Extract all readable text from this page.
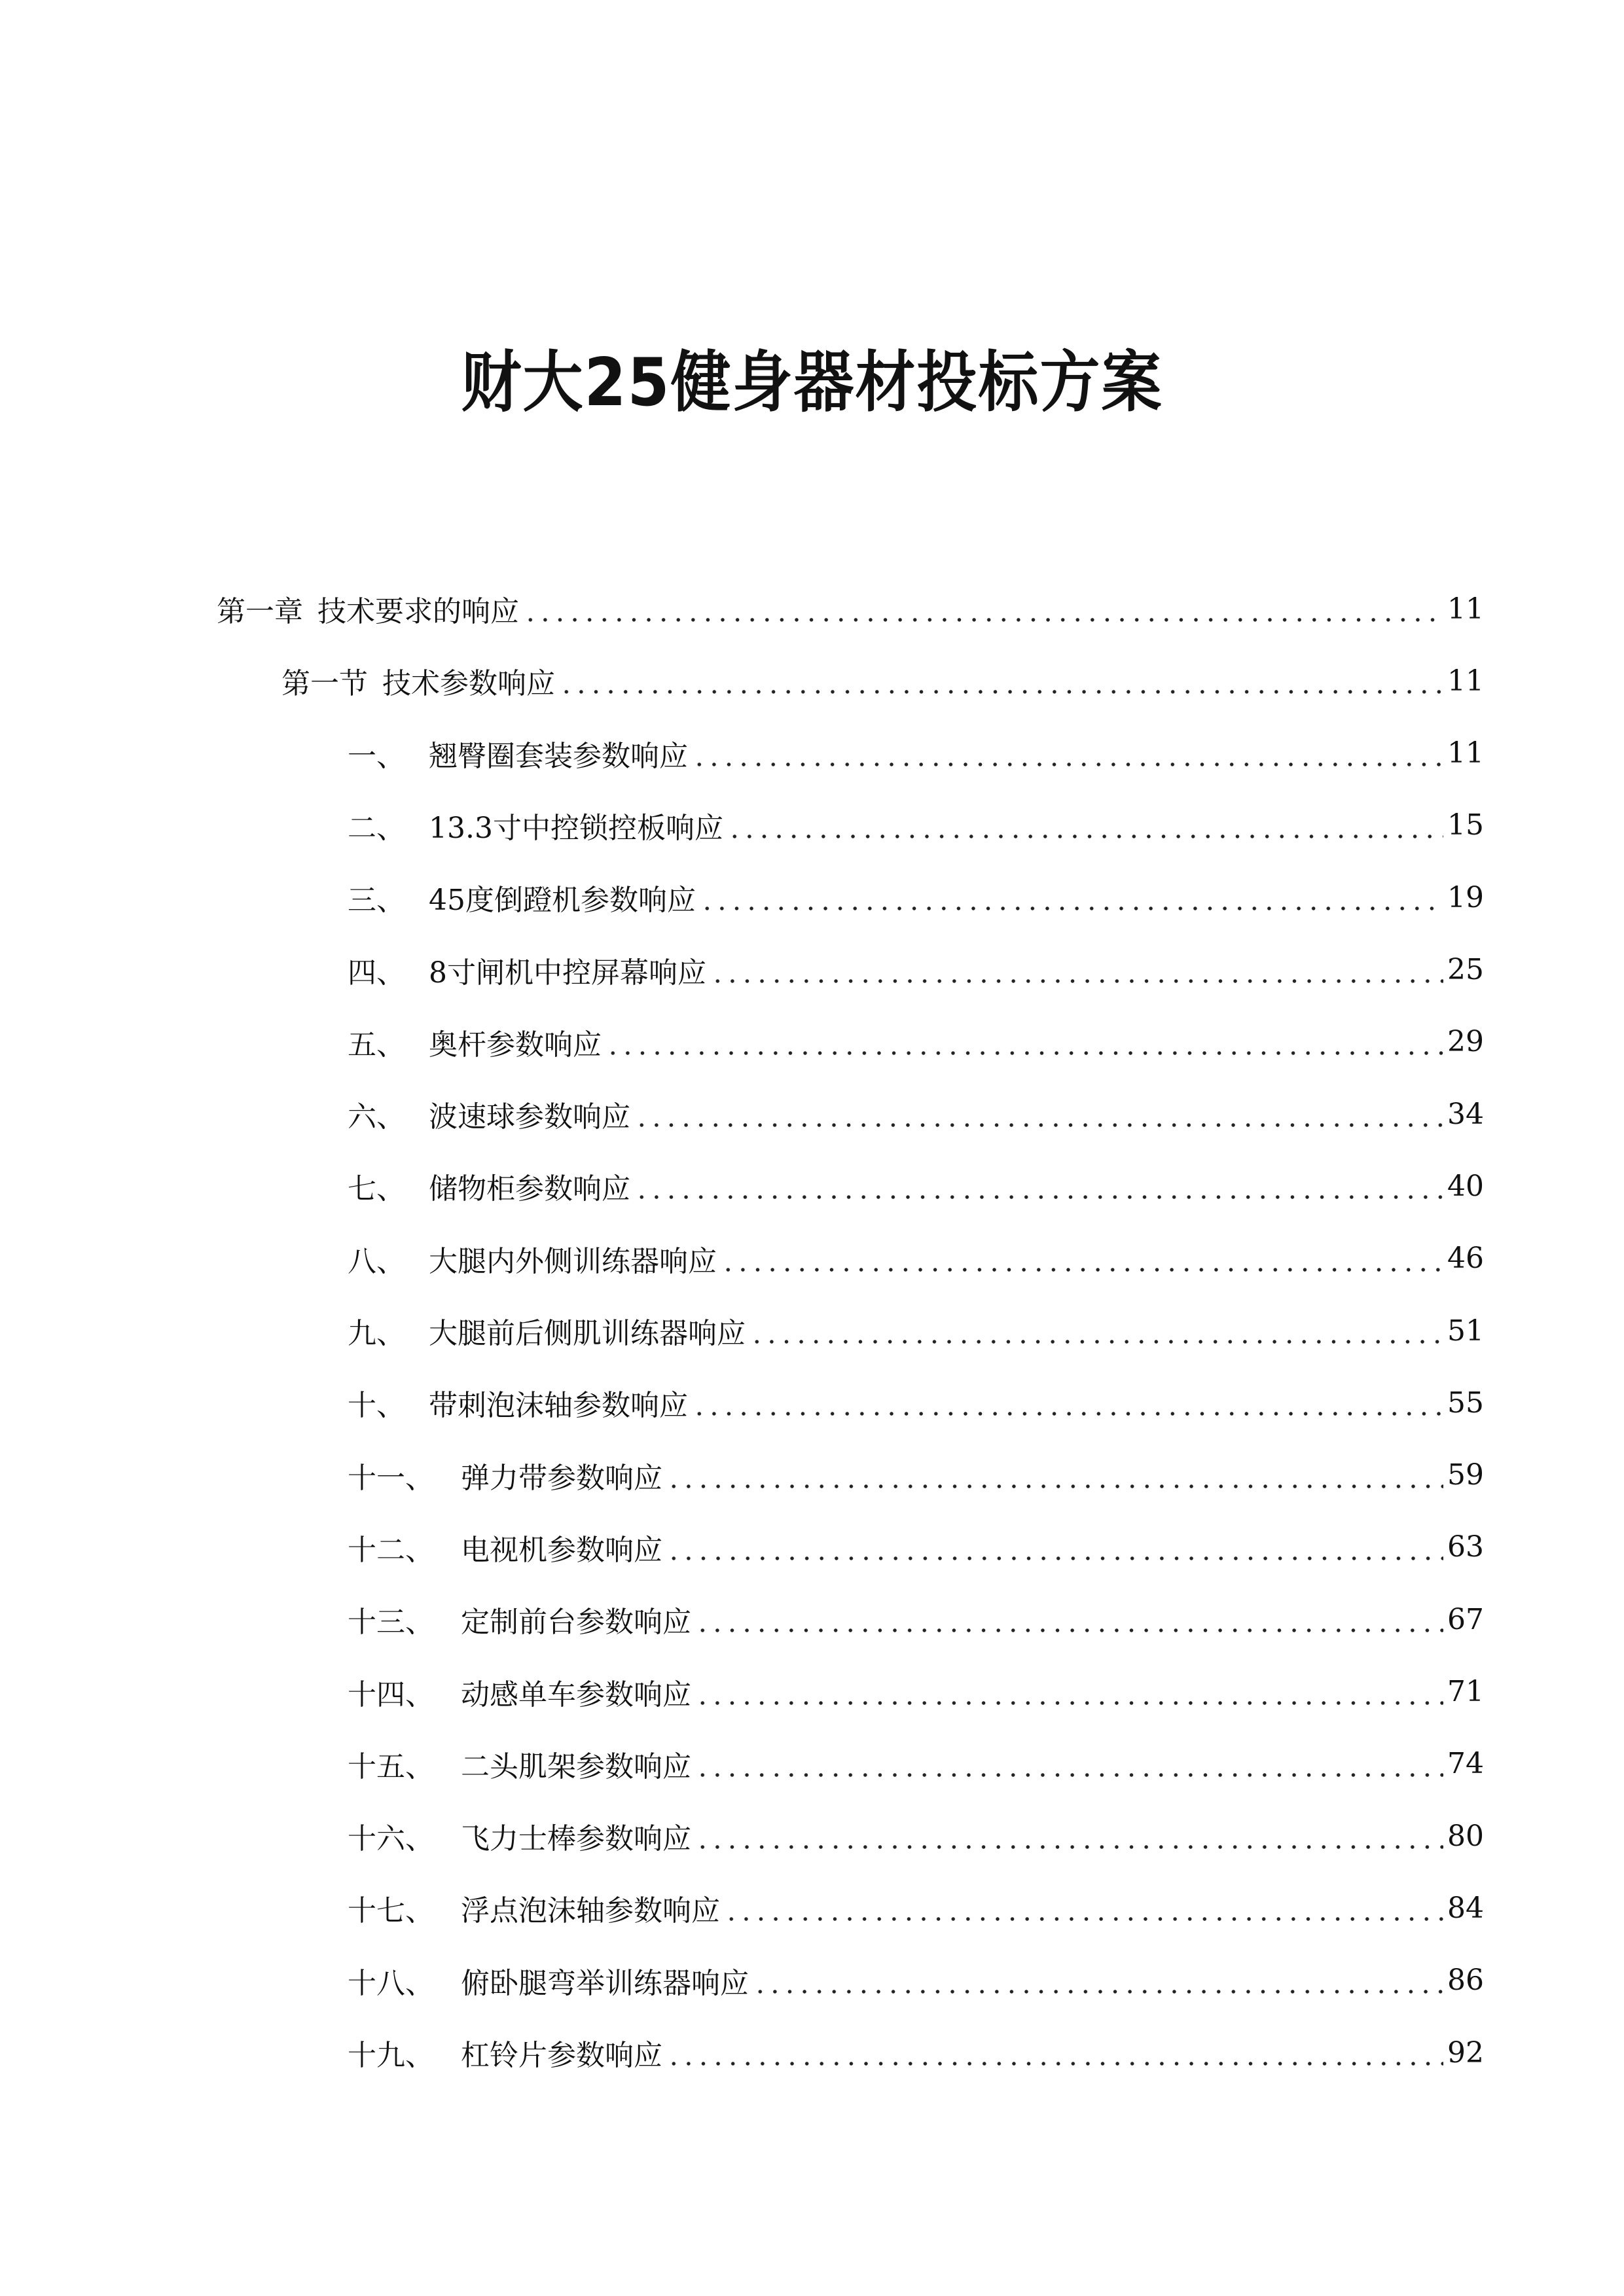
财大25健身器材投标方案
第一章 技术要求的响应	11
第一节 技术参数响应	11
一、 翘臀圈套装参数响应	11
二、 13.3寸中控锁控板响应	15
三、 45度倒蹬机参数响应	19
四、 8寸闸机中控屏幕响应	25
五、 奥杆参数响应	29
六、 波速球参数响应	34
七、 储物柜参数响应	40
八、 大腿内外侧训练器响应	46
九、 大腿前后侧肌训练器响应	51
十、 带刺泡沫轴参数响应	55
十一、 弹力带参数响应	59
十二、 电视机参数响应	63
十三、 定制前台参数响应	67
十四、 动感单车参数响应	71
十五、 二头肌架参数响应	74
十六、 飞力士棒参数响应	80
十七、 浮点泡沫轴参数响应	84
十八、 俯卧腿弯举训练器响应	86
十九、 杠铃片参数响应	92
